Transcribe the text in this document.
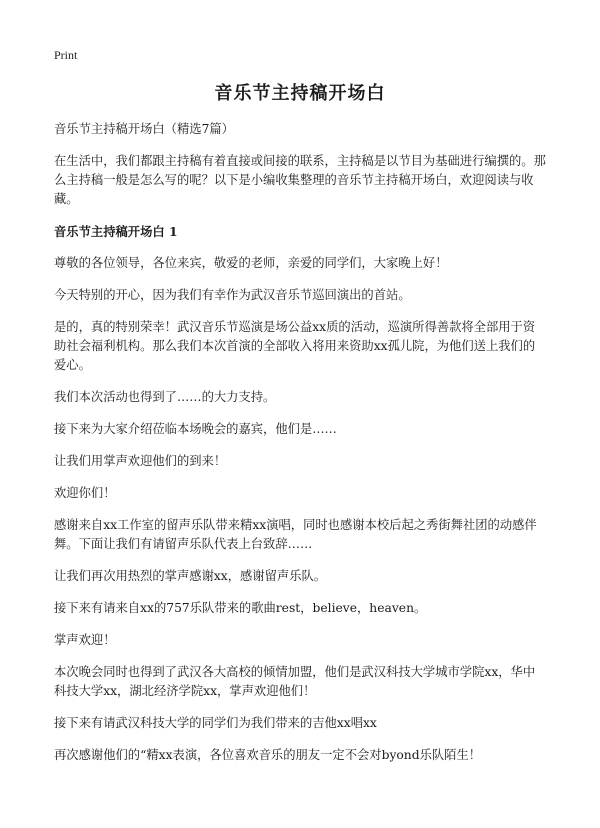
Print
音乐节主持稿开场白

音乐节主持稿开场白（精选7篇）

在生活中，我们都跟主持稿有着直接或间接的联系，主持稿是以节目为基础进行编撰的。那么主持稿一般是怎么写的呢？以下是小编收集整理的音乐节主持稿开场白，欢迎阅读与收藏。

音乐节主持稿开场白 1

尊敬的各位领导，各位来宾，敬爱的老师，亲爱的同学们，大家晚上好！

今天特别的开心，因为我们有幸作为武汉音乐节巡回演出的首站。

是的，真的特别荣幸！武汉音乐节巡演是场公益xx质的活动，巡演所得善款将全部用于资助社会福利机构。那么我们本次首演的全部收入将用来资助xx孤儿院，为他们送上我们的爱心。

我们本次活动也得到了……的大力支持。

接下来为大家介绍莅临本场晚会的嘉宾，他们是……

让我们用掌声欢迎他们的到来！

欢迎你们！

感谢来自xx工作室的留声乐队带来精xx演唱，同时也感谢本校后起之秀街舞社团的动感伴舞。下面让我们有请留声乐队代表上台致辞……

让我们再次用热烈的掌声感谢xx，感谢留声乐队。

接下来有请来自xx的757乐队带来的歌曲rest，believe，heaven。

掌声欢迎！

本次晚会同时也得到了武汉各大高校的倾情加盟，他们是武汉科技大学城市学院xx，华中科技大学xx，湖北经济学院xx，掌声欢迎他们！

接下来有请武汉科技大学的同学们为我们带来的吉他xx唱xx

再次感谢他们的“精xx表演，各位喜欢音乐的朋友一定不会对byond乐队陌生！
